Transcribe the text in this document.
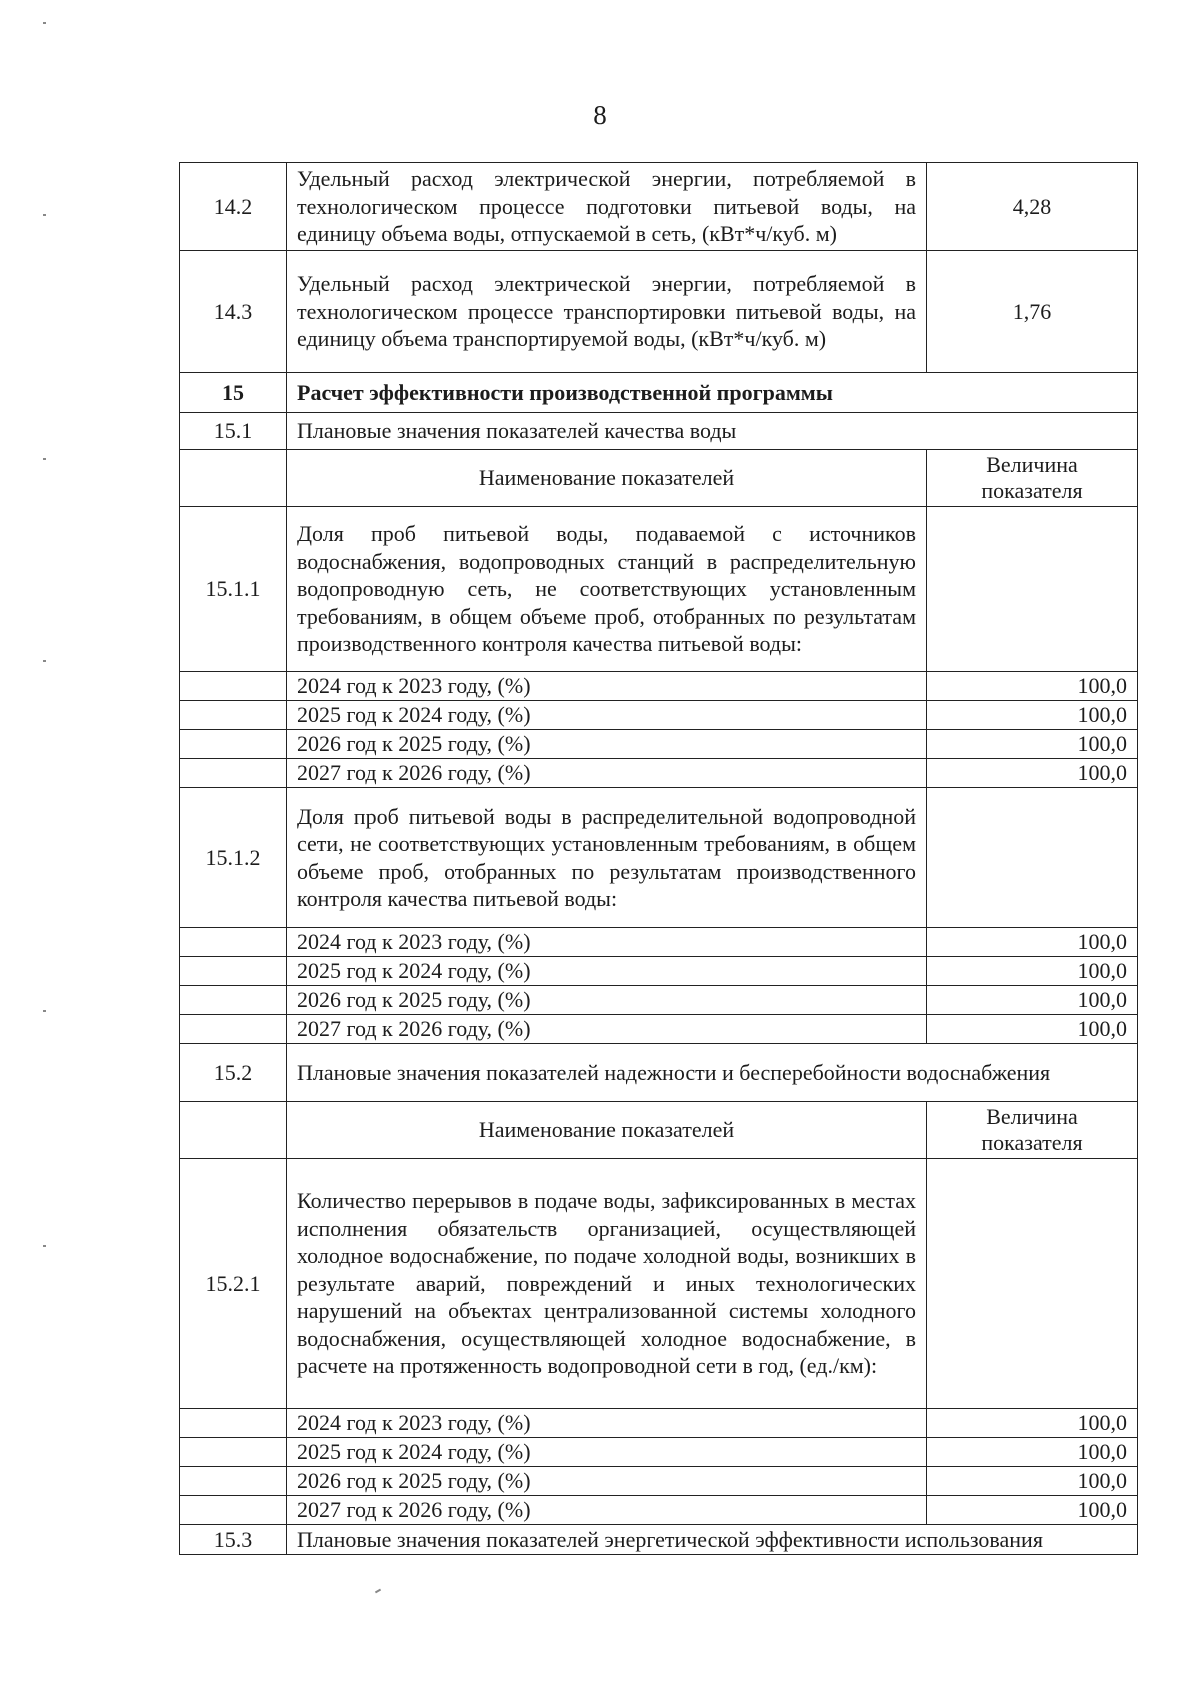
8
14.2	Удельный расход электрической энергии, потребляемой в технологическом процессе подготовки питьевой воды, на единицу объема воды, отпускаемой в сеть, (кВт*ч/куб. м)	4,28
14.3	Удельный расход электрической энергии, потребляемой в технологическом процессе транспортировки питьевой воды, на единицу объема транспортируемой воды, (кВт*ч/куб. м)	1,76
15	Расчет эффективности производственной программы	
15.1	Плановые значения показателей качества воды	
	Наименование показателей	Величина показателя
15.1.1	Доля проб питьевой воды, подаваемой с источников водоснабжения, водопроводных станций в распределительную водопроводную сеть, не соответствующих установленным требованиям, в общем объеме проб, отобранных по результатам производственного контроля качества питьевой воды:	
	2024 год к 2023 году, (%)	100,0
	2025 год к 2024 году, (%)	100,0
	2026 год к 2025 году, (%)	100,0
	2027 год к 2026 году, (%)	100,0
15.1.2	Доля проб питьевой воды в распределительной водопроводной сети, не соответствующих установленным требованиям, в общем объеме проб, отобранных по результатам производственного контроля качества питьевой воды:	
	2024 год к 2023 году, (%)	100,0
	2025 год к 2024 году, (%)	100,0
	2026 год к 2025 году, (%)	100,0
	2027 год к 2026 году, (%)	100,0
15.2	Плановые значения показателей надежности и бесперебойности водоснабжения	
	Наименование показателей	Величина показателя
15.2.1	Количество перерывов в подаче воды, зафиксированных в местах исполнения обязательств организацией, осуществляющей холодное водоснабжение, по подаче холодной воды, возникших в результате аварий, повреждений и иных технологических нарушений на объектах централизованной системы холодного водоснабжения, осуществляющей холодное водоснабжение, в расчете на протяженность водопроводной сети в год, (ед./км):	
	2024 год к 2023 году, (%)	100,0
	2025 год к 2024 году, (%)	100,0
	2026 год к 2025 году, (%)	100,0
	2027 год к 2026 году, (%)	100,0
15.3	Плановые значения показателей энергетической эффективности использования	
